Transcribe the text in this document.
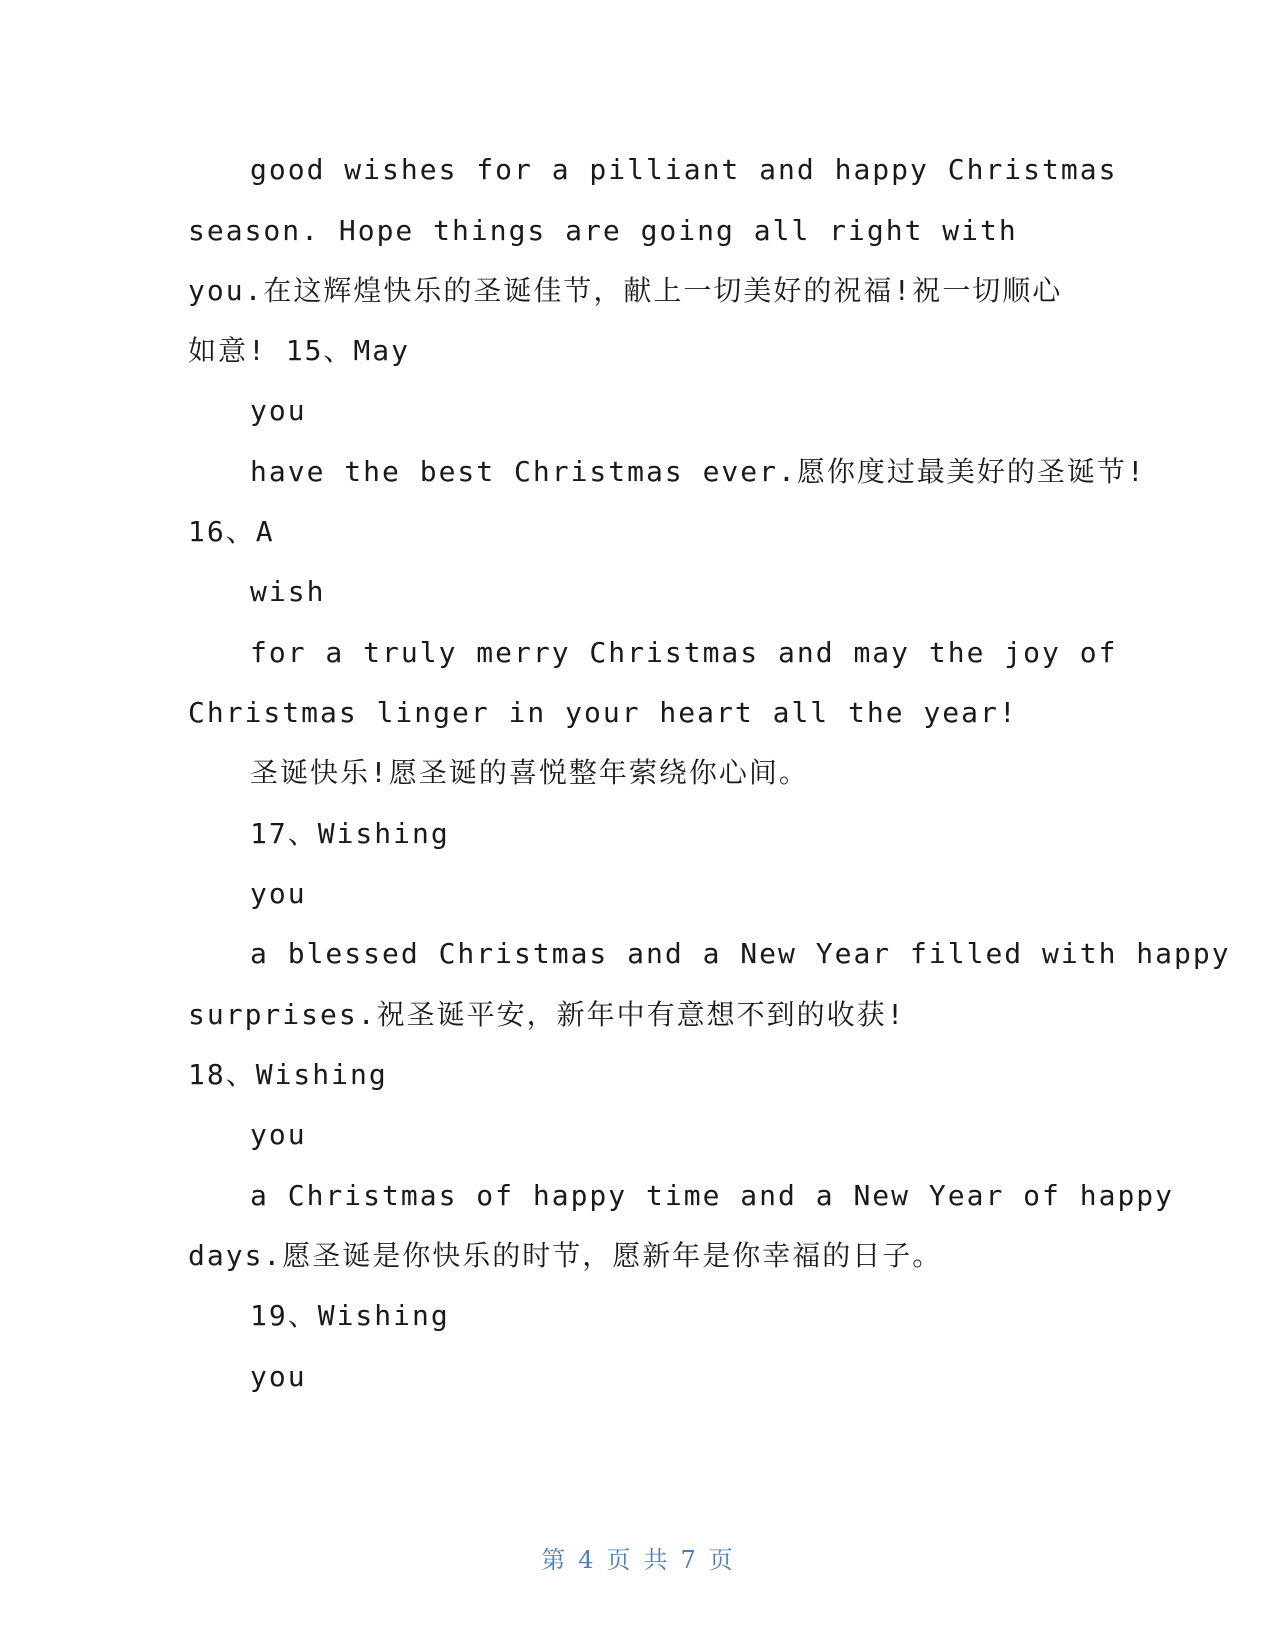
good wishes for a pilliant and happy Christmas
season. Hope things are going all right with
you.在这辉煌快乐的圣诞佳节，献上一切美好的祝福!祝一切顺心
如意! 15、May
you
have the best Christmas ever.愿你度过最美好的圣诞节!
16、A
wish
for a truly merry Christmas and may the joy of
Christmas linger in your heart all the year!
圣诞快乐!愿圣诞的喜悦整年萦绕你心间。
17、Wishing
you
a blessed Christmas and a New Year filled with happy
surprises.祝圣诞平安，新年中有意想不到的收获!
18、Wishing
you
a Christmas of happy time and a New Year of happy
days.愿圣诞是你快乐的时节，愿新年是你幸福的日子。
19、Wishing
you
第 4 页 共 7 页
